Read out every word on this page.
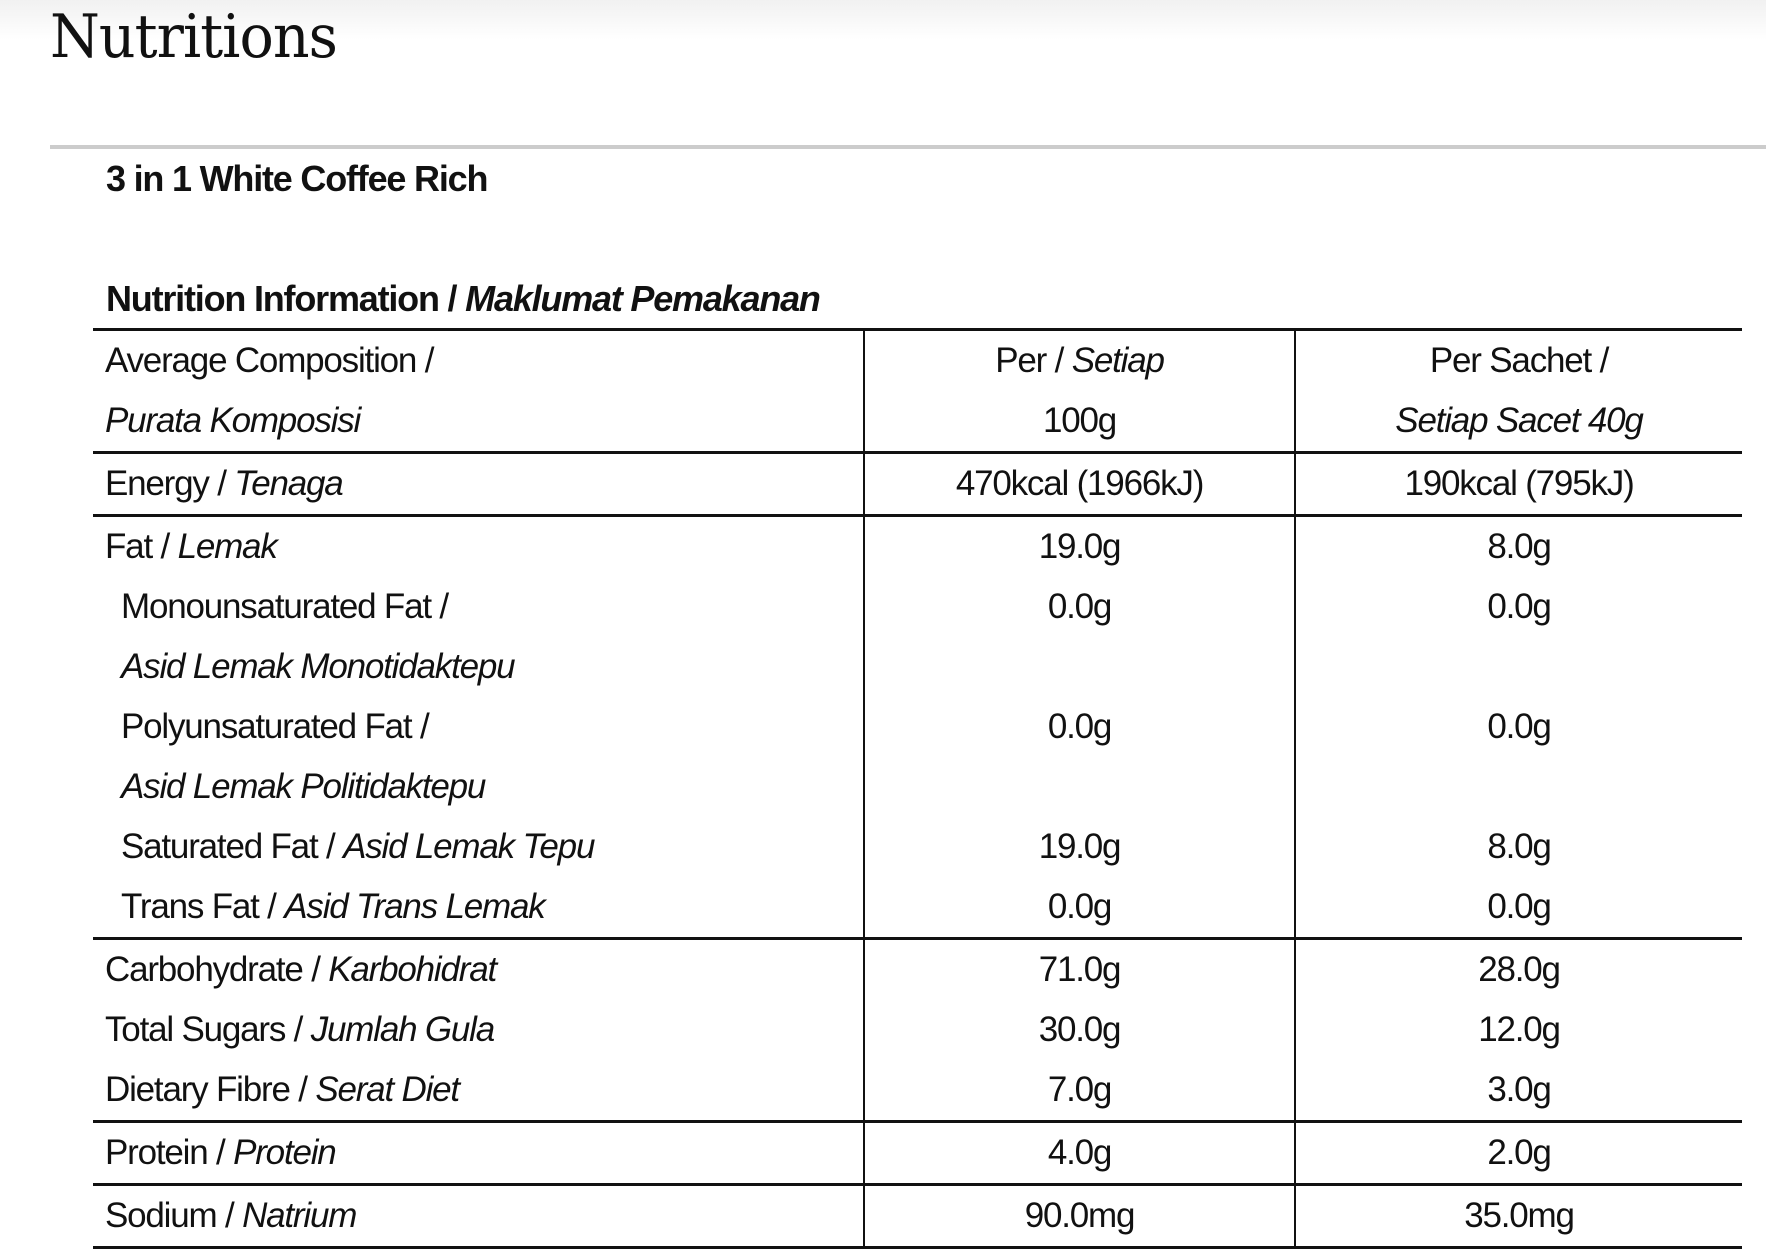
Nutritions
3 in 1 White Coffee Rich
Nutrition Information / Maklumat Pemakanan
Average Composition /	Per / Setiap	Per Sachet /
Purata Komposisi	100g	Setiap Sacet 40g
Energy / Tenaga	470kcal (1966kJ)	190kcal (795kJ)
Fat / Lemak	19.0g	8.0g
Monounsaturated Fat /	0.0g	0.0g
Asid Lemak Monotidaktepu		
Polyunsaturated Fat /	0.0g	0.0g
Asid Lemak Politidaktepu		
Saturated Fat / Asid Lemak Tepu	19.0g	8.0g
Trans Fat / Asid Trans Lemak	0.0g	0.0g
Carbohydrate / Karbohidrat	71.0g	28.0g
Total Sugars / Jumlah Gula	30.0g	12.0g
Dietary Fibre / Serat Diet	7.0g	3.0g
Protein / Protein	4.0g	2.0g
Sodium / Natrium	90.0mg	35.0mg
